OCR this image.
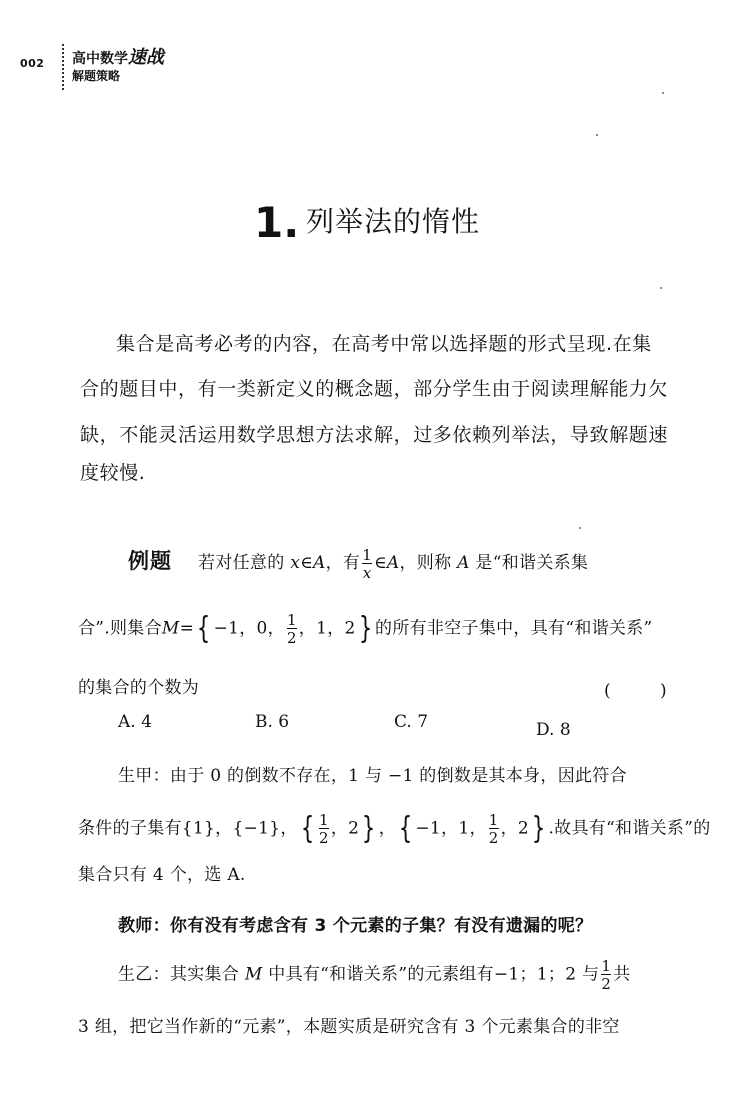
002 高中数学速战
解题策略
1. 列举法的惰性
集合是高考必考的内容，在高考中常以选择题的形式呈现.在集
合的题目中，有一类新定义的概念题，部分学生由于阅读理解能力欠
缺，不能灵活运用数学思想方法求解，过多依赖列举法，导致解题速
度较慢.
例题 若对任意的 x∈A，有 $\frac{1}{x}$ ∈A，则称 A 是“和谐关系集
合”.则集合M={ −1，0， $\frac{1}{2}$ ，1，2} 的所有非空子集中，具有“和谐关系”
的集合的个数为	( )
A. 4	B. 6	C. 7	D. 8
生甲：由于 0 的倒数不存在，1 与 −1 的倒数是其本身，因此符合
条件的子集有{1}，{−1}，{ $\frac{1}{2}$ ，2} ，{ −1，1， $\frac{1}{2}$ ，2} .故具有“和谐关系”的
集合只有 4 个，选 A.
教师：你有没有考虑含有 3 个元素的子集？有没有遗漏的呢？
生乙：其实集合 M 中具有“和谐关系”的元素组有−1；1；2 与 $\frac{1}{2}$ 共
3 组，把它当作新的“元素”，本题实质是研究含有 3 个元素集合的非空
